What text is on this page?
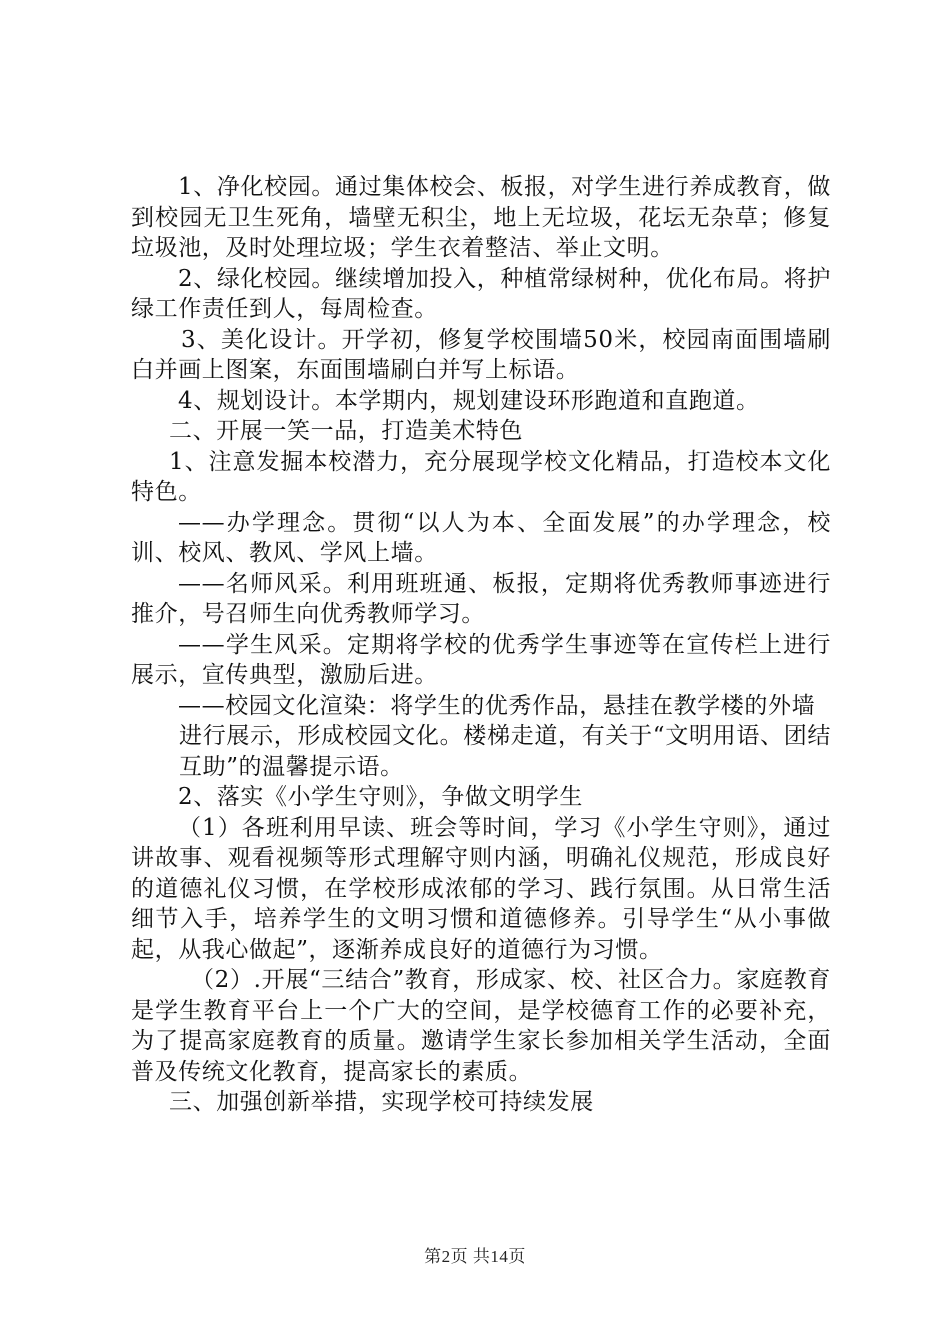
1、净化校园。通过集体校会、板报，对学生进行养成教育，做到校园无卫生死角，墙壁无积尘，地上无垃圾，花坛无杂草；修复垃圾池，及时处理垃圾；学生衣着整洁、举止文明。

2、绿化校园。继续增加投入，种植常绿树种，优化布局。将护绿工作责任到人，每周检查。

3、美化设计。开学初，修复学校围墙50米，校园南面围墙刷白并画上图案，东面围墙刷白并写上标语。

4、规划设计。本学期内，规划建设环形跑道和直跑道。

二、开展一笑一品，打造美术特色

1、注意发掘本校潜力，充分展现学校文化精品，打造校本文化特色。

——办学理念。贯彻“以人为本、全面发展”的办学理念，校训、校风、教风、学风上墙。

——名师风采。利用班班通、板报，定期将优秀教师事迹进行推介，号召师生向优秀教师学习。

——学生风采。定期将学校的优秀学生事迹等在宣传栏上进行展示，宣传典型，激励后进。

——校园文化渲染：将学生的优秀作品，悬挂在教学楼的外墙

进行展示，形成校园文化。楼梯走道，有关于“文明用语、团结互助”的温馨提示语。

2、落实《小学生守则》，争做文明学生

（1）各班利用早读、班会等时间，学习《小学生守则》，通过讲故事、观看视频等形式理解守则内涵，明确礼仪规范，形成良好的道德礼仪习惯，在学校形成浓郁的学习、践行氛围。从日常生活细节入手，培养学生的文明习惯和道德修养。引导学生“从小事做起，从我心做起”，逐渐养成良好的道德行为习惯。

（2）.开展“三结合”教育，形成家、校、社区合力。家庭教育是学生教育平台上一个广大的空间，是学校德育工作的必要补充，为了提高家庭教育的质量。邀请学生家长参加相关学生活动，全面普及传统文化教育，提高家长的素质。

三、加强创新举措，实现学校可持续发展

第2页 共14页
